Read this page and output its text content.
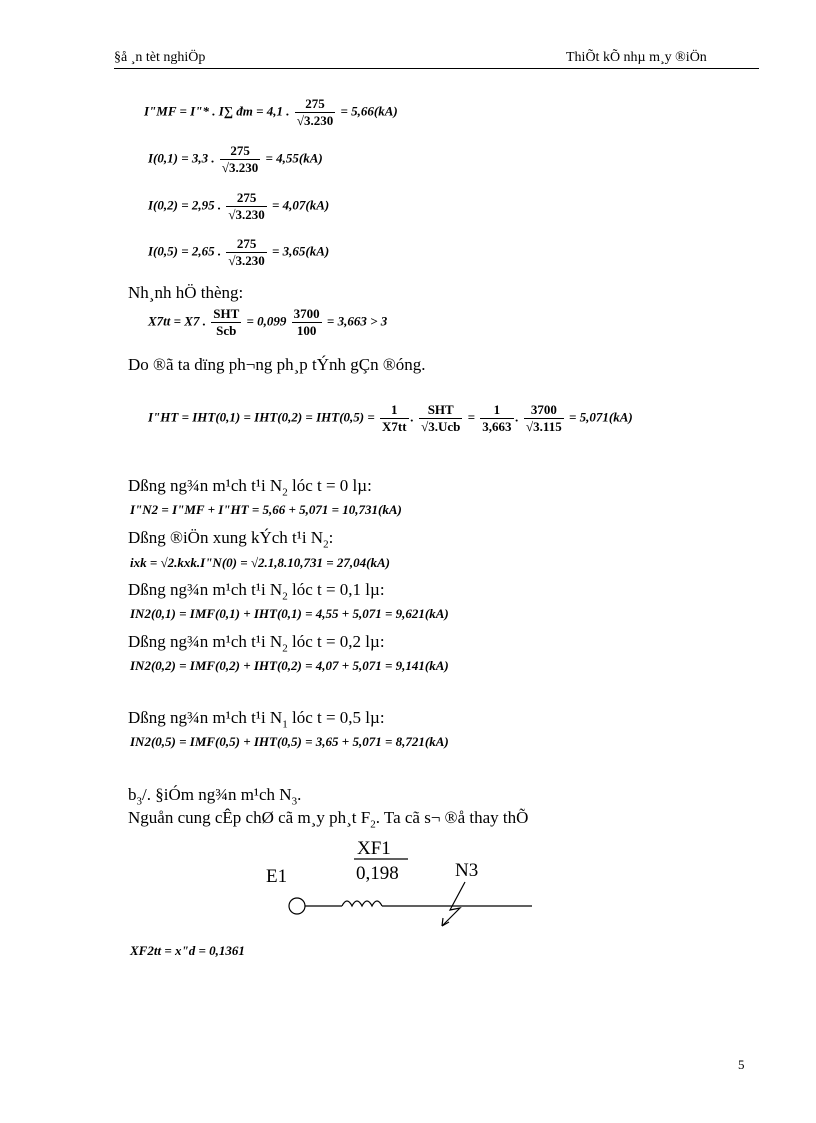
§å ¸n tèt nghiÖp	ThiÕt kÕ nhµ m¸y ®iÖn
I"MF = I"* . I∑ đm = 4,1 . $\frac{275}{√3.230} = 5,66(kA)$
I(0,1) = 3,3 . $\frac{275}{√3.230} = 4,55(kA)$
I(0,2) = 2,95 . $\frac{275}{√3.230} = 4,07(kA)$
I(0,5) = 2,65 . $\frac{275}{√3.230} = 3,65(kA)$
Nh¸nh hÖ thèng:
X7tt = X7 . $\frac{\text{SHT}}{\text{Scb}} = 0,099 \frac{3700}{100} = 3,663 > 3$
Do ®ã ta dïng ph¬ng ph¸p tÝnh gÇn ®óng.
I"HT = $IHT(0,1) = IHT(0,2) = IHT(0,5) = \frac{1}{X7tt}$ . $\frac{\text{SHT}}{\text{√3.Ucb}} = \frac{1}{3,663}$ . $\frac{3700}{√3.115} = 5,071(kA)$
Dßng ng¾n m¹ch t¹i $N_2$ lóc t = 0 lµ:
I"N2 = I"MF + I"HT = 5,66 + 5,071 = 10,731(kA)
Dßng ®iÖn xung kÝch t¹i $N_2$:
ixk = √2.kxk.I"N(0) = √2.1,8.10,731 = 27,04(kA)
Dßng ng¾n m¹ch t¹i $N_2$ lóc t = 0,1 lµ:
IN2(0,1) = IMF(0,1) + IHT(0,1) = 4,55 + 5,071 = 9,621(kA)
Dßng ng¾n m¹ch t¹i $N_2$ lóc t = 0,2 lµ:
IN2(0,2) = IMF(0,2) + IHT(0,2) = 4,07 + 5,071 = 9,141(kA)
Dßng ng¾n m¹ch t¹i $N_1$ lóc t = 0,5 lµ:
IN2(0,5) = IMF(0,5) + IHT(0,5) = 3,65 + 5,071 = 8,721(kA)
$b_3/$. §iÓm ng¾n m¹ch $N_3$.
Nguån cung cÊp chØ cã m¸y ph¸t $F_2$. Ta cã s¬ ®å thay thÕ
E1
XF1
0,198	N3
XF2tt = x"d = 0,1361
5
